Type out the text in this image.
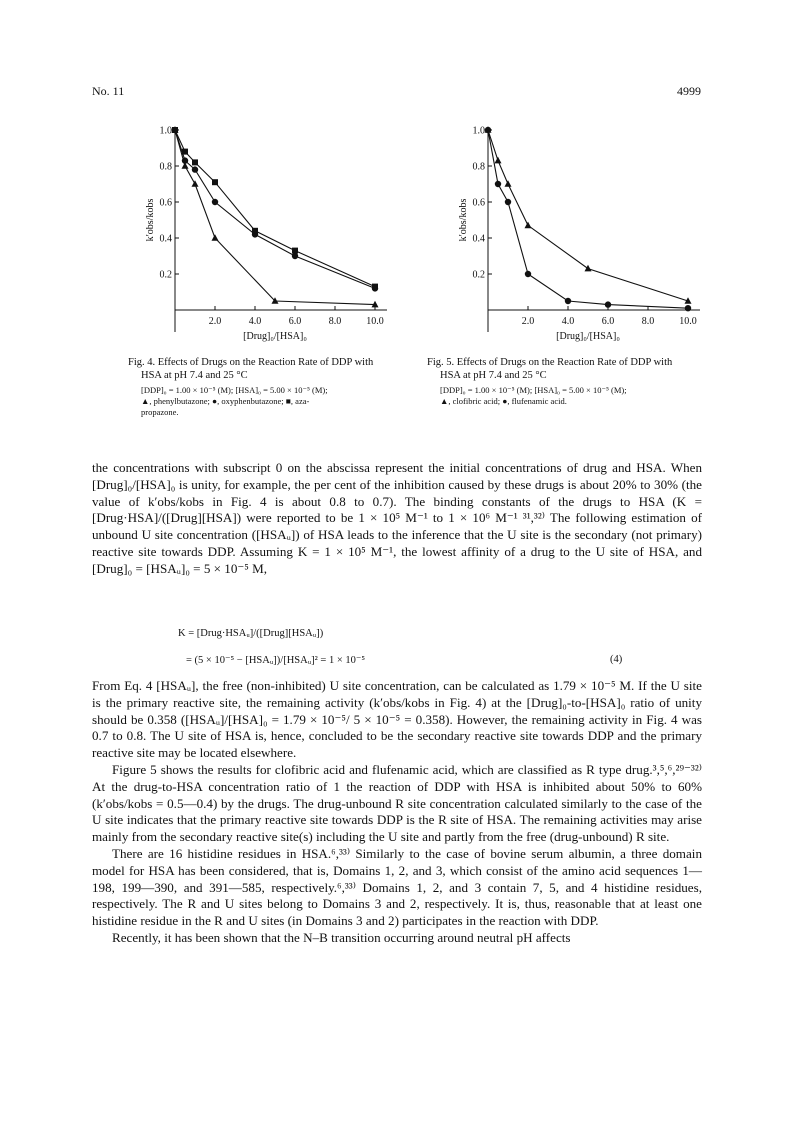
No. 11	4999
2.0	4.0	6.0	8.0	10.0
0.2
0.4
0.6
0.8
1.0
[Drug]₀/[HSA]₀
k′obs/kobs
2.0	4.0	6.0	8.0	10.0
0.2
0.4
0.6
0.8
1.0
[Drug]₀/[HSA]₀
k′obs/kobs
Fig. 4. Effects of Drugs on the Reaction Rate of DDP with HSA at pH 7.4 and 25 °C
[DDP]₀ = 1.00 × 10⁻⁵ (M); [HSA]₀ = 5.00 × 10⁻⁵ (M);
▲, phenylbutazone; ●, oxyphenbutazone; ■, aza-
propazone.
Fig. 5. Effects of Drugs on the Reaction Rate of DDP with HSA at pH 7.4 and 25 °C
[DDP]₀ = 1.00 × 10⁻⁵ (M); [HSA]₀ = 5.00 × 10⁻⁵ (M);
▲, clofibric acid; ●, flufenamic acid.

the concentrations with subscript 0 on the abscissa represent the initial concentrations of drug and HSA. When [Drug]₀/[HSA]₀ is unity, for example, the per cent of the inhibition caused by these drugs is about 20% to 30% (the value of k′obs/kobs in Fig. 4 is about 0.8 to 0.7). The binding constants of the drugs to HSA (K = [Drug·HSA]/([Drug][HSA]) were reported to be 1 × 10⁵ M⁻¹ to 1 × 10⁶ M⁻¹ ³¹,³²⁾ The following estimation of unbound U site concentration ([HSAᵤ]) of HSA leads to the inference that the U site is the secondary (not primary) reactive site towards DDP. Assuming K = 1 × 10⁵ M⁻¹, the lowest affinity of a drug to the U site of HSA, and [Drug]₀ = [HSAᵤ]₀ = 5 × 10⁻⁵ M,

K = [Drug·HSAᵤ]/([Drug][HSAᵤ])
= (5 × 10⁻⁵ − [HSAᵤ])/[HSAᵤ]² = 1 × 10⁻⁵	(4)

From Eq. 4 [HSAᵤ], the free (non-inhibited) U site concentration, can be calculated as 1.79 × 10⁻⁵ M. If the U site is the primary reactive site, the remaining activity (k′obs/kobs in Fig. 4) at the [Drug]₀-to-[HSA]₀ ratio of unity should be 0.358 ([HSAᵤ]/[HSA]₀ = 1.79 × 10⁻⁵/ 5 × 10⁻⁵ = 0.358). However, the remaining activity in Fig. 4 was 0.7 to 0.8. The U site of HSA is, hence, concluded to be the secondary reactive site towards DDP and the primary reactive site may be located elsewhere.

Figure 5 shows the results for clofibric acid and flufenamic acid, which are classified as R type drug.³,⁵,⁶,²⁹⁻³²⁾ At the drug-to-HSA concentration ratio of 1 the reaction of DDP with HSA is inhibited about 50% to 60% (k′obs/kobs = 0.5—0.4) by the drugs. The drug-unbound R site concentration calculated similarly to the case of the U site indicates that the primary reactive site towards DDP is the R site of HSA. The remaining activities may arise mainly from the secondary reactive site(s) including the U site and partly from the free (drug-unbound) R site.

There are 16 histidine residues in HSA.⁶,³³⁾ Similarly to the case of bovine serum albumin, a three domain model for HSA has been considered, that is, Domains 1, 2, and 3, which consist of the amino acid sequences 1—198, 199—390, and 391—585, respectively.⁶,³³⁾ Domains 1, 2, and 3 contain 7, 5, and 4 histidine residues, respectively. The R and U sites belong to Domains 3 and 2, respectively. It is, thus, reasonable that at least one histidine residue in the R and U sites (in Domains 3 and 2) participates in the reaction with DDP.

Recently, it has been shown that the N–B transition occurring around neutral pH affects
